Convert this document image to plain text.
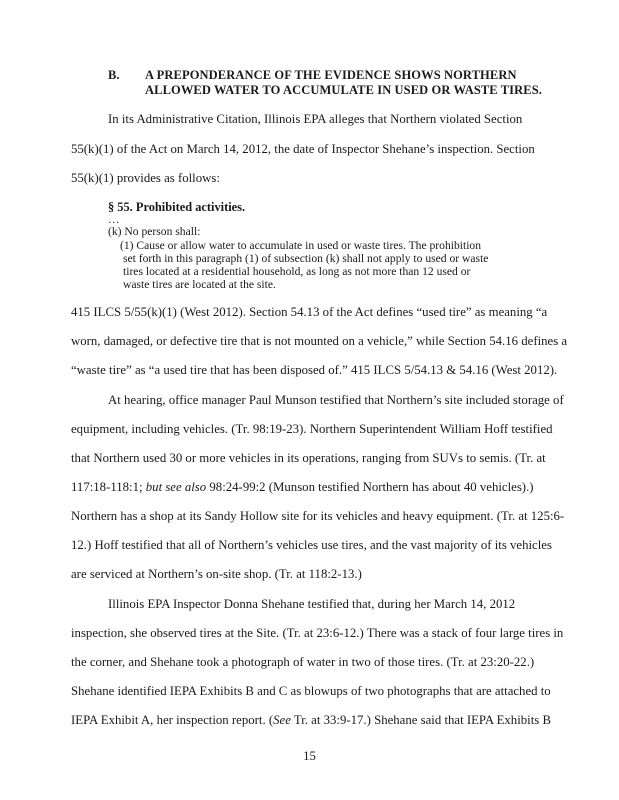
B. A PREPONDERANCE OF THE EVIDENCE SHOWS NORTHERN
ALLOWED WATER TO ACCUMULATE IN USED OR WASTE TIRES.
In its Administrative Citation, Illinois EPA alleges that Northern violated Section
55(k)(1) of the Act on March 14, 2012, the date of Inspector Shehane’s inspection. Section
55(k)(1) provides as follows:
§ 55. Prohibited activities.
…
(k) No person shall:
(1) Cause or allow water to accumulate in used or waste tires. The prohibition
set forth in this paragraph (1) of subsection (k) shall not apply to used or waste
tires located at a residential household, as long as not more than 12 used or
waste tires are located at the site.
415 ILCS 5/55(k)(1) (West 2012). Section 54.13 of the Act defines “used tire” as meaning “a
worn, damaged, or defective tire that is not mounted on a vehicle,” while Section 54.16 defines a
“waste tire” as “a used tire that has been disposed of.” 415 ILCS 5/54.13 & 54.16 (West 2012).
At hearing, office manager Paul Munson testified that Northern’s site included storage of
equipment, including vehicles. (Tr. 98:19-23). Northern Superintendent William Hoff testified
that Northern used 30 or more vehicles in its operations, ranging from SUVs to semis. (Tr. at
117:18-118:1; but see also 98:24-99:2 (Munson testified Northern has about 40 vehicles).)
Northern has a shop at its Sandy Hollow site for its vehicles and heavy equipment. (Tr. at 125:6-
12.) Hoff testified that all of Northern’s vehicles use tires, and the vast majority of its vehicles
are serviced at Northern’s on-site shop. (Tr. at 118:2-13.)
Illinois EPA Inspector Donna Shehane testified that, during her March 14, 2012
inspection, she observed tires at the Site. (Tr. at 23:6-12.) There was a stack of four large tires in
the corner, and Shehane took a photograph of water in two of those tires. (Tr. at 23:20-22.)
Shehane identified IEPA Exhibits B and C as blowups of two photographs that are attached to
IEPA Exhibit A, her inspection report. (See Tr. at 33:9-17.) Shehane said that IEPA Exhibits B
15
